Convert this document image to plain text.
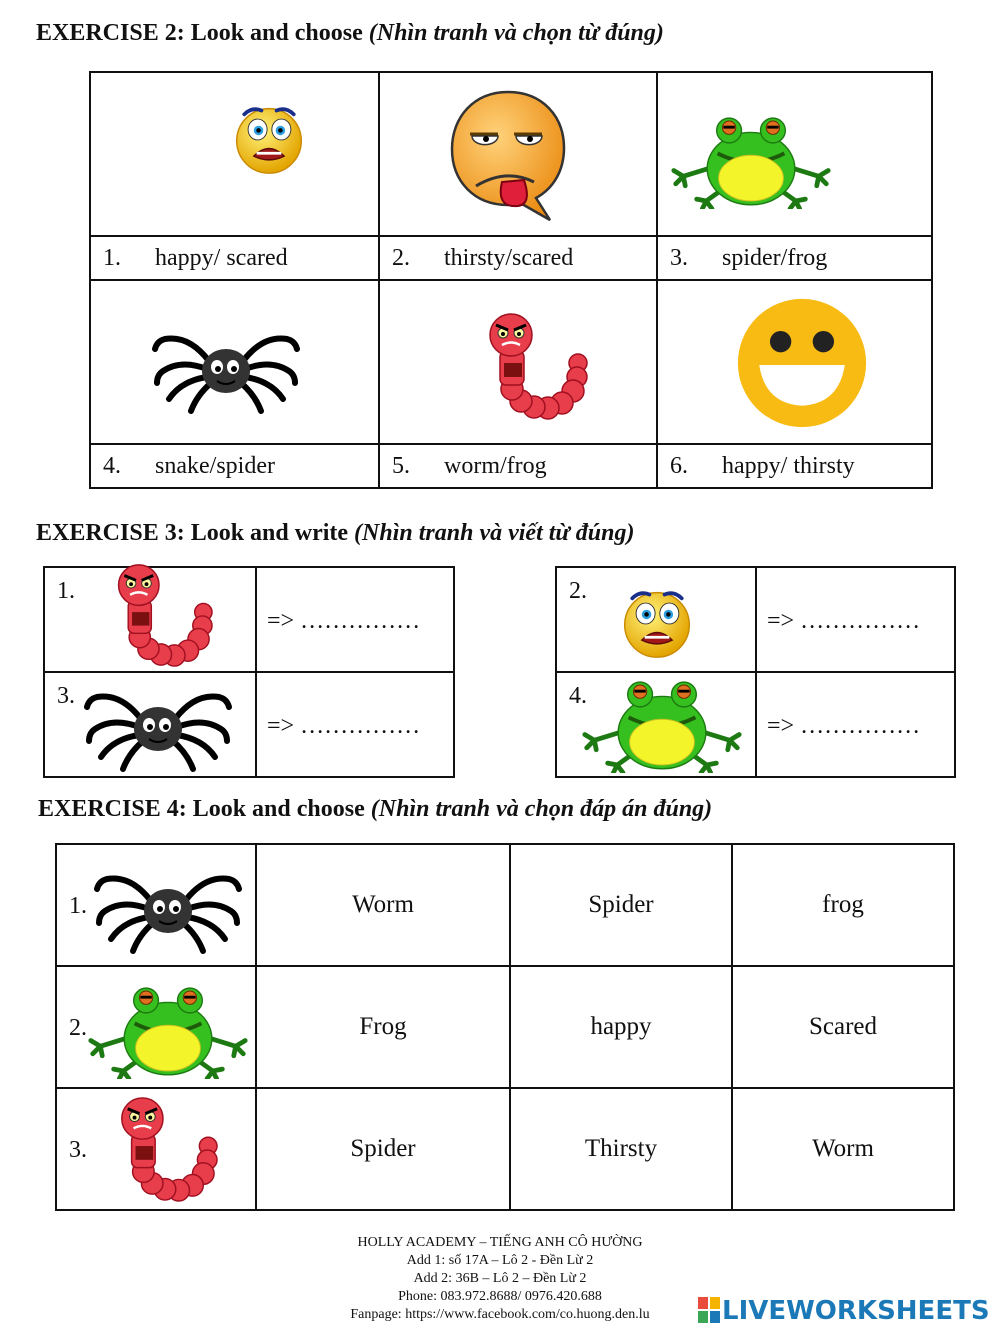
EXERCISE 2: Look and choose (Nhìn tranh và chọn từ đúng)

1. happy/ scared	2. thirsty/scared	3. spider/frog

4. snake/spider	5. worm/frog	6. happy/ thirsty
EXERCISE 3: Look and write (Nhìn tranh và viết từ đúng)
1.	=> ……………

3.	=> ……………
2.	=> ……………

4.	=> ……………
EXERCISE 4: Look and choose (Nhìn tranh và chọn đáp án đúng)
1.	Worm	Spider	frog

2.	Frog	happy	Scared

3.	Spider	Thirsty	Worm
HOLLY ACADEMY – TIẾNG ANH CÔ HƯỜNG
Add 1: số 17A – Lô 2 - Đền Lừ 2
Add 2: 36B – Lô 2 – Đền Lừ 2
Phone: 083.972.8688/ 0976.420.688
Fanpage: https://www.facebook.com/co.huong.den.lu	LIVEWORKSHEETS
